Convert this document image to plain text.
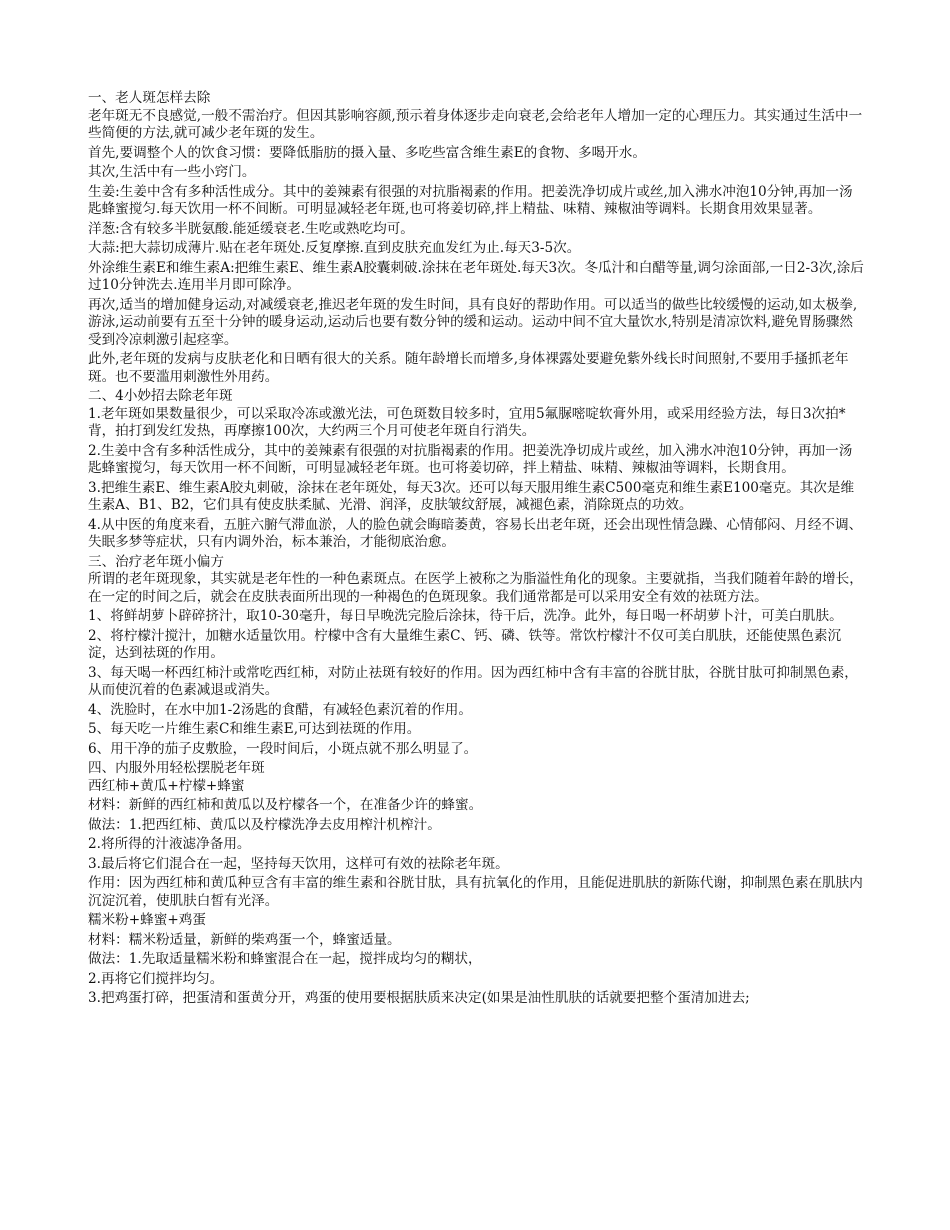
一、老人斑怎样去除

老年斑无不良感觉,一般不需治疗。但因其影响容颜,预示着身体逐步走向衰老,会给老年人增加一定的心理压力。其实通过生活中一些简便的方法,就可减少老年斑的发生。

首先,要调整个人的饮食习惯：要降低脂肪的摄入量、多吃些富含维生素E的食物、多喝开水。

其次,生活中有一些小窍门。

生姜:生姜中含有多种活性成分。其中的姜辣素有很强的对抗脂褐素的作用。把姜洗净切成片或丝,加入沸水冲泡10分钟,再加一汤匙蜂蜜搅匀.每天饮用一杯不间断。可明显减轻老年斑,也可将姜切碎,拌上精盐、味精、辣椒油等调料。长期食用效果显著。

洋葱:含有较多半胱氨酸.能延缓衰老.生吃或熟吃均可。

大蒜:把大蒜切成薄片.贴在老年斑处.反复摩擦.直到皮肤充血发红为止.每天3-5次。

外涂维生素E和维生素A:把维生素E、维生素A胶囊刺破.涂抹在老年斑处.每天3次。冬瓜汁和白醋等量,调匀涂面部,一日2-3次,涂后过10分钟洗去.连用半月即可除净。

再次,适当的增加健身运动,对减缓衰老,推迟老年斑的发生时间，具有良好的帮助作用。可以适当的做些比较缓慢的运动,如太极拳,游泳,运动前要有五至十分钟的暖身运动,运动后也要有数分钟的缓和运动。运动中间不宜大量饮水,特别是清凉饮料,避免胃肠骤然受到冷凉刺激引起痉挛。

此外,老年斑的发病与皮肤老化和日晒有很大的关系。随年龄增长而增多,身体裸露处要避免紫外线长时间照射,不要用手搔抓老年斑。也不要滥用刺激性外用药。

二、4小妙招去除老年斑

1.老年斑如果数量很少，可以采取冷冻或激光法，可色斑数目较多时，宜用5氟脲嘧啶软膏外用，或采用经验方法，每日3次拍*背，拍打到发红发热，再摩擦100次，大约两三个月可使老年斑自行消失。

2.生姜中含有多种活性成分，其中的姜辣素有很强的对抗脂褐素的作用。把姜洗净切成片或丝，加入沸水冲泡10分钟，再加一汤匙蜂蜜搅匀，每天饮用一杯不间断，可明显减轻老年斑。也可将姜切碎，拌上精盐、味精、辣椒油等调料，长期食用。

3.把维生素E、维生素A胶丸刺破，涂抹在老年斑处，每天3次。还可以每天服用维生素C500毫克和维生素E100毫克。其次是维生素A、B1、B2，它们具有使皮肤柔腻、光滑、润泽，皮肤皱纹舒展，减褪色素，消除斑点的功效。

4.从中医的角度来看，五脏六腑气滞血淤，人的脸色就会晦暗萎黄，容易长出老年斑，还会出现性情急躁、心情郁闷、月经不调、失眠多梦等症状，只有内调外治，标本兼治，才能彻底治愈。

三、治疗老年斑小偏方

所谓的老年斑现象，其实就是老年性的一种色素斑点。在医学上被称之为脂溢性角化的现象。主要就指，当我们随着年龄的增长，在一定的时间之后，就会在皮肤表面所出现的一种褐色的色斑现象。我们通常都是可以采用安全有效的祛斑方法。

1、将鲜胡萝卜辟碎挤汁，取10-30毫升，每日早晚洗完脸后涂抹，待干后，洗净。此外，每日喝一杯胡萝卜汁，可美白肌肤。

2、将柠檬汁搅汁，加糖水适量饮用。柠檬中含有大量维生素C、钙、磷、铁等。常饮柠檬汁不仅可美白肌肤，还能使黑色素沉淀，达到祛斑的作用。

3、每天喝一杯西红柿汁或常吃西红柿，对防止祛斑有较好的作用。因为西红柿中含有丰富的谷胱甘肽，谷胱甘肽可抑制黑色素，从而使沉着的色素减退或消失。

4、洗脸时，在水中加1-2汤匙的食醋，有减轻色素沉着的作用。

5、每天吃一片维生素C和维生素E,可达到祛斑的作用。

6、用干净的茄子皮敷脸，一段时间后，小斑点就不那么明显了。

四、内服外用轻松摆脱老年斑

西红柿+黄瓜+柠檬+蜂蜜

材料：新鲜的西红柿和黄瓜以及柠檬各一个，在准备少许的蜂蜜。

做法：1.把西红柿、黄瓜以及柠檬洗净去皮用榨汁机榨汁。

2.将所得的汁液滤净备用。

3.最后将它们混合在一起，坚持每天饮用，这样可有效的祛除老年斑。

作用：因为西红柿和黄瓜种豆含有丰富的维生素和谷胱甘肽，具有抗氧化的作用，且能促进肌肤的新陈代谢，抑制黑色素在肌肤内沉淀沉着，使肌肤白皙有光泽。

糯米粉+蜂蜜+鸡蛋

材料：糯米粉适量，新鲜的柴鸡蛋一个，蜂蜜适量。

做法：1.先取适量糯米粉和蜂蜜混合在一起，搅拌成均匀的糊状，

2.再将它们搅拌均匀。

3.把鸡蛋打碎，把蛋清和蛋黄分开，鸡蛋的使用要根据肤质来决定(如果是油性肌肤的话就要把整个蛋清加进去;
